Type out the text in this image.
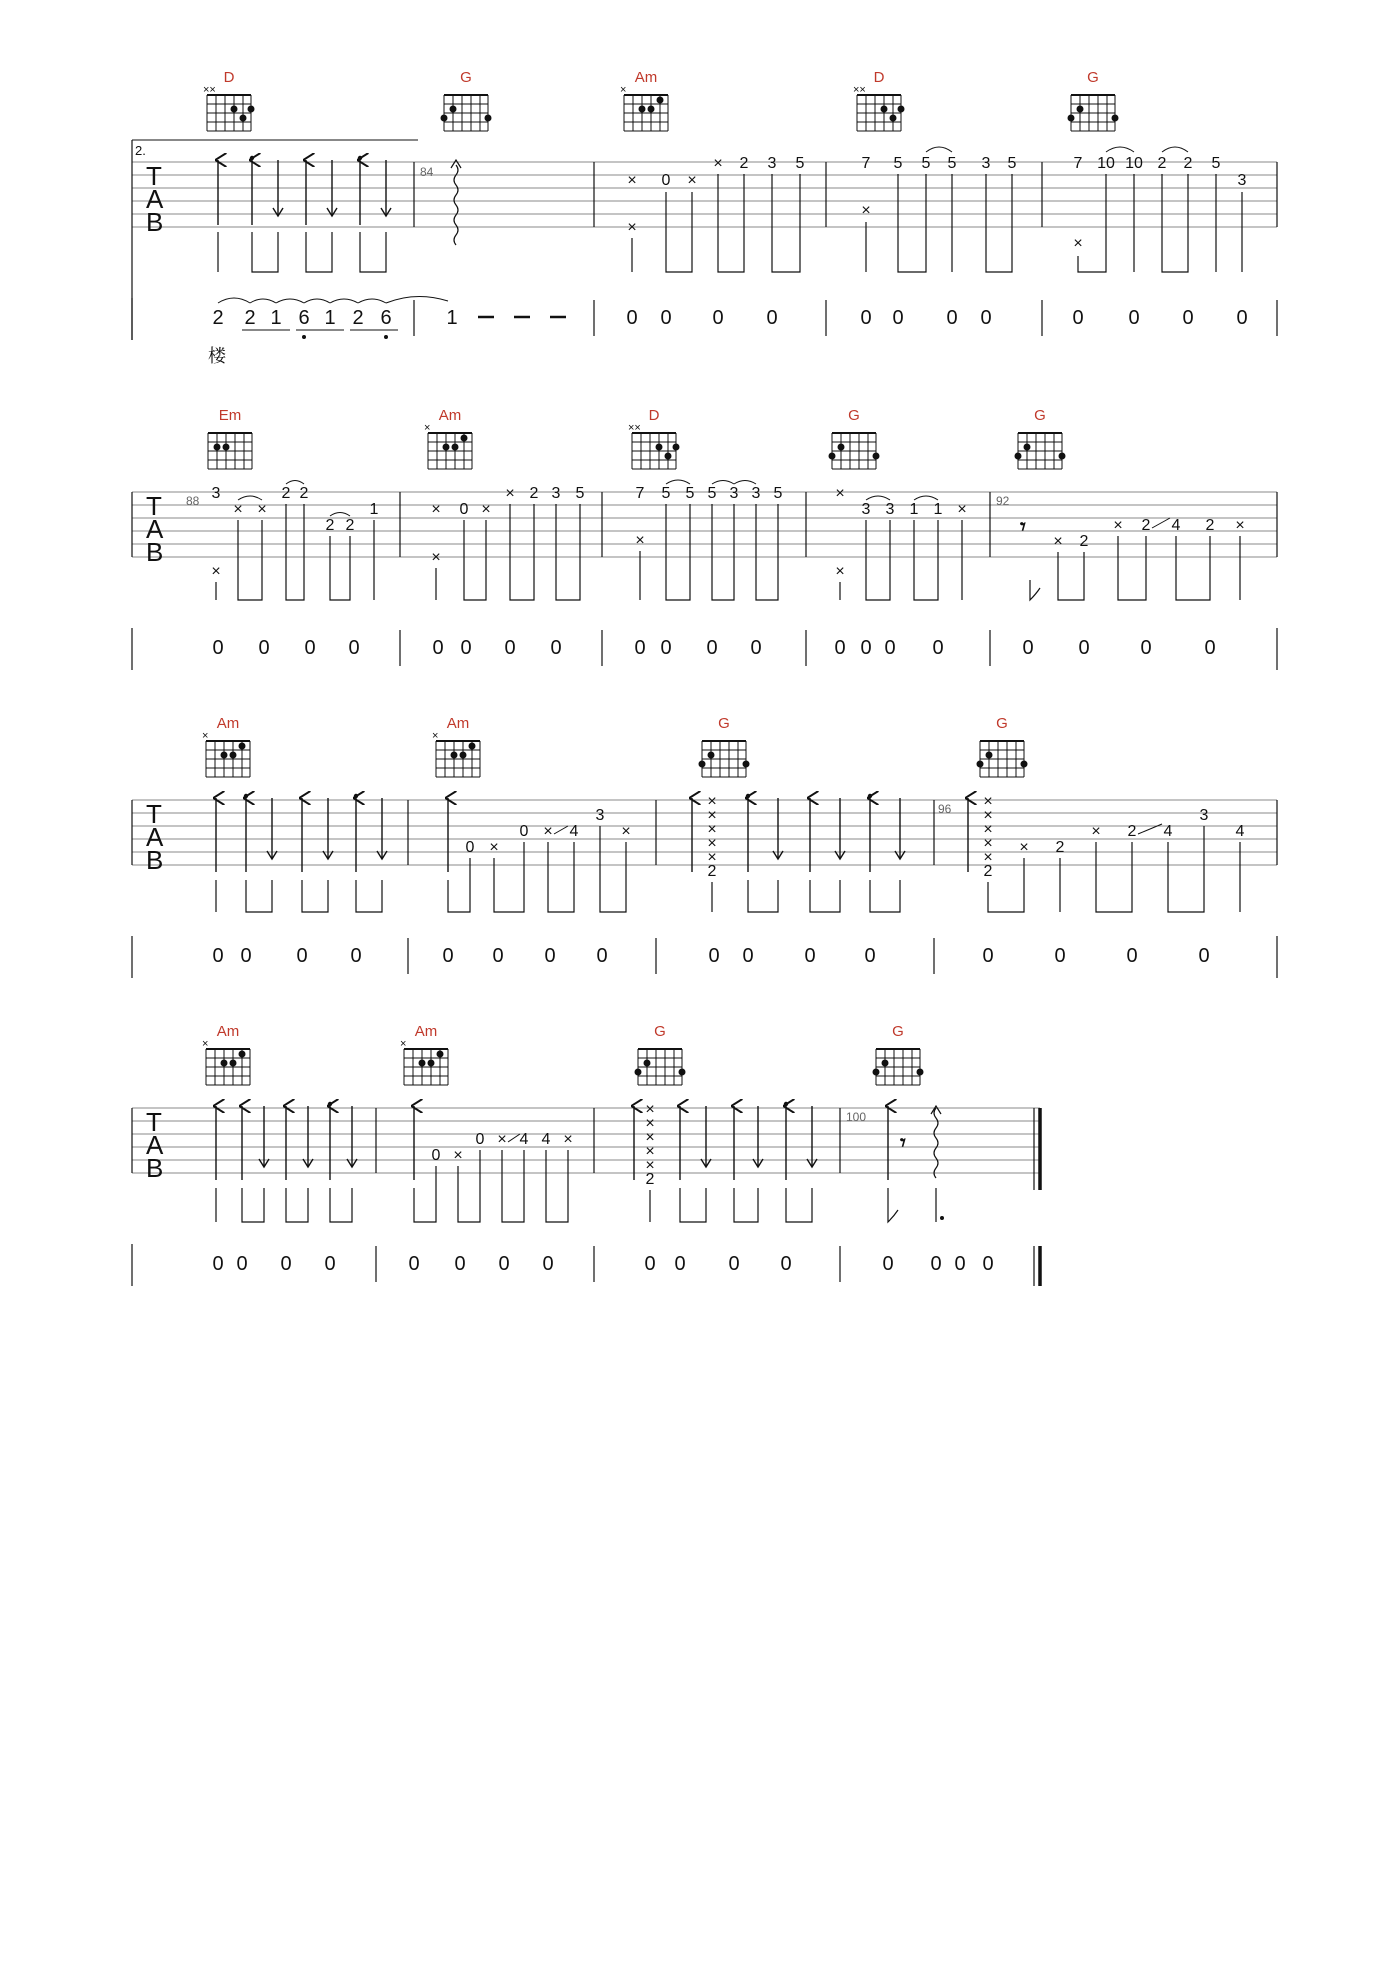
2.
T
A
B
D
××
G	Am
×
D
××
G
84	×
×
0 ×
× 2 3 5	7
×
5 5 5 3 5	7
×
10 10 2 2 5
3
2 2 1 6 1 2 6	1	0 0 0 0	0 0 0 0	0 0 0 0
楼
T
A
B
88	92
Em	Am
×
D
××
G	G
3
×
× ×
2 2
2 2
1	×
×
0 ×
× 2 3 5	7
×
5 5 5 3 3 5	×
×
3 3 1 1 ×
𝄾
× 2
× 2 4 2 ×
0 0 0 0	0 0 0 0	0 0 0 0	0 0 0 0	0 0	0	0
T
A
B
96
Am
×
Am
×
G	G
0 ×
0 × 4
3
×
×
×
×
×
×
2
×
×
×
×
×
2
× 2
× 2 4
3
4
0 0 0 0	0 0 0 0	0 0	0 0	0	0	0	0
T
A
B
100
Am
×
Am
×
G	G
0 ×
0 × 4 4 ×
×
×
×
×
×
2
𝄾
0 0 0 0	0 0 0 0	0 0 0 0	0 0 0 0
